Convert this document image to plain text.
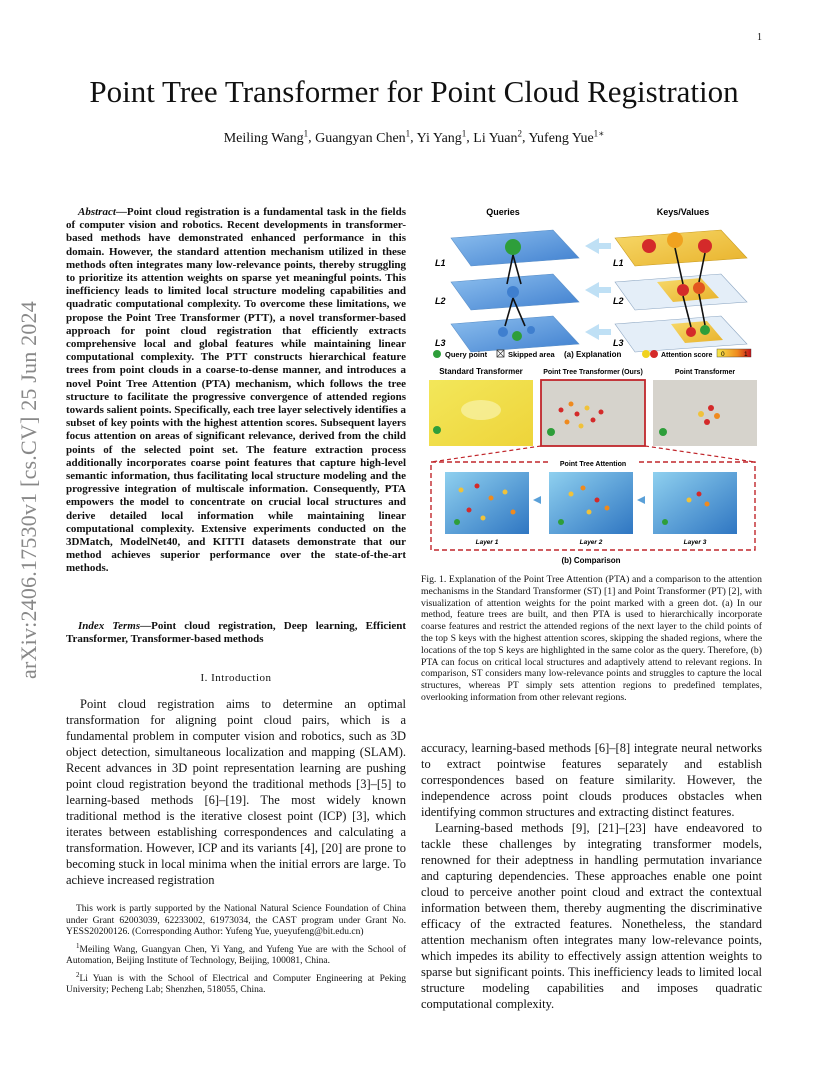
1
arXiv:2406.17530v1 [cs.CV] 25 Jun 2024
Point Tree Transformer for Point Cloud Registration
Meiling Wang$^1$, Guangyan Chen$^1$, Yi Yang$^1$, Li Yuan$^2$, Yufeng Yue$^{1∗}$

Abstract—Point cloud registration is a fundamental task in the fields of computer vision and robotics. Recent developments in transformer-based methods have demonstrated enhanced performance in this domain. However, the standard attention mechanism utilized in these methods often integrates many low-relevance points, thereby struggling to prioritize its attention weights on sparse yet meaningful points. This inefficiency leads to limited local structure modeling capabilities and quadratic computational complexity. To overcome these limitations, we propose the Point Tree Transformer (PTT), a novel transformer-based approach for point cloud registration that efficiently extracts comprehensive local and global features while maintaining linear computational complexity. The PTT constructs hierarchical feature trees from point clouds in a coarse-to-dense manner, and introduces a novel Point Tree Attention (PTA) mechanism, which follows the tree structure to facilitate the progressive convergence of attended regions towards salient points. Specifically, each tree layer selectively identifies a subset of key points with the highest attention scores. Subsequent layers focus attention on areas of significant relevance, derived from the child points of the selected point set. The feature extraction process additionally incorporates coarse point features that capture high-level semantic information, thus facilitating local structure modeling and the progressive integration of multiscale information. Consequently, PTA empowers the model to concentrate on crucial local structures and derive detailed local information while maintaining linear computational complexity. Extensive experiments conducted on the 3DMatch, ModelNet40, and KITTI datasets demonstrate that our method achieves superior performance over the state-of-the-art methods.

Index Terms—Point cloud registration, Deep learning, Efficient Transformer, Transformer-based methods

I. Introduction

Point cloud registration aims to determine an optimal transformation for aligning point cloud pairs, which is a fundamental problem in computer vision and robotics, such as 3D object detection, simultaneous localization and mapping (SLAM). Recent advances in 3D point representation learning are pushing point cloud registration beyond the traditional methods [3]–[5] to learning-based methods [6]–[19]. The most widely known traditional method is the iterative closest point (ICP) [3], which iterates between establishing correspondences and calculating a transformation. However, ICP and its variants [4], [20] are prone to becoming stuck in local minima when the initial errors are large. To achieve increased registration

This work is partly supported by the National Natural Science Foundation of China under Grant 62003039, 62233002, 61973034, the CAST program under Grant No. YESS20200126. (Corresponding Author: Yufeng Yue, yueyufeng@bit.edu.cn)

$^1$Meiling Wang, Guangyan Chen, Yi Yang, and Yufeng Yue are with the School of Automation, Beijing Institute of Technology, Beijing, 100081, China.

$^2$Li Yuan is with the School of Electrical and Computer Engineering at Peking University; Pecheng Lab; Shenzhen, 518055, China.

Queries	Keys/Values
L1
L2
L3
L1
L2
L3
Query point	Skipped area (a) Explanation	Attention score 0	1
Standard Transformer	Point Tree Transformer (Ours)	Point Transformer
Point Tree Attention
Layer 1	Layer 2	Layer 3
(b) Comparison

Fig. 1. Explanation of the Point Tree Attention (PTA) and a comparison to the attention mechanisms in the Standard Transformer (ST) [1] and Point Transformer (PT) [2], with visualization of attention weights for the point marked with a green dot. (a) In our method, feature trees are built, and then PTA is used to hierarchically incorporate coarse features and restrict the attended regions of the next layer to the child points of the top S keys with the highest attention scores, skipping the shaded regions, where the locations of the top S keys are highlighted in the same color as the query. Therefore, (b) PTA can focus on critical local structures and adaptively attend to relevant regions. In comparison, ST considers many low-relevance points and struggles to capture the local structures, whereas PT simply sets attention regions to predefined templates, overlooking information from other relevant regions.

accuracy, learning-based methods [6]–[8] integrate neural networks to extract pointwise features separately and establish correspondences based on feature similarity. However, the independence across point clouds produces obstacles when identifying common structures and extracting distinct features.

Learning-based methods [9], [21]–[23] have endeavored to tackle these challenges by integrating transformer models, renowned for their adeptness in handling permutation invariance and capturing dependencies. These approaches enable one point cloud to perceive another point cloud and extract the contextual information between them, thereby augmenting the discriminative efficacy of the extracted features. Nonetheless, the standard attention mechanism often integrates many low-relevance points, which impedes its ability to effectively assign attention weights to sparse but significant points. This inefficiency leads to limited local structure modeling capabilities and imposes quadratic computational complexity.
